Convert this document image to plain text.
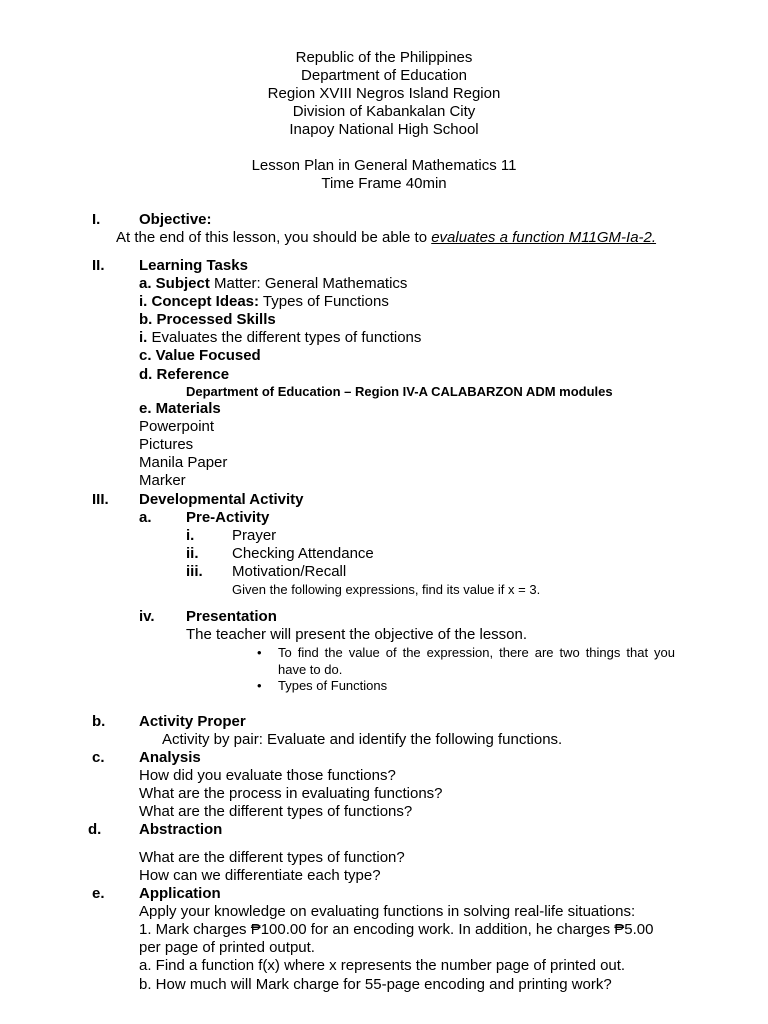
Republic of the Philippines
Department of Education
Region XVIII Negros Island Region
Division of Kabankalan City
Inapoy National High School
Lesson Plan in General Mathematics 11
Time Frame 40min
I.	Objective:
At the end of this lesson, you should be able to evaluates a function M11GM-Ia-2.
II. Learning Tasks
a. Subject Matter: General Mathematics
i. Concept Ideas: Types of Functions
b. Processed Skills
i. Evaluates the different types of functions
c. Value Focused
d. Reference
Department of Education – Region IV-A CALABARZON ADM modules
e. Materials
Powerpoint
Pictures
Manila Paper
Marker
III. Developmental Activity
a. Pre-Activity
i.	Prayer
ii. Checking Attendance
iii. Motivation/Recall
Given the following expressions, find its value if x = 3.
iv. Presentation
The teacher will present the objective of the lesson.
• To find the value of the expression, there are two things that you have to do.
• Types of Functions
b. Activity Proper
Activity by pair: Evaluate and identify the following functions.
c. Analysis
How did you evaluate those functions?
What are the process in evaluating functions?
What are the different types of functions?
d.	Abstraction
What are the different types of function?
How can we differentiate each type?
e. Application
Apply your knowledge on evaluating functions in solving real-life situations:
1. Mark charges ₱100.00 for an encoding work. In addition, he charges ₱5.00
per page of printed output.
a. Find a function f(x) where x represents the number page of printed out.
b. How much will Mark charge for 55-page encoding and printing work?
